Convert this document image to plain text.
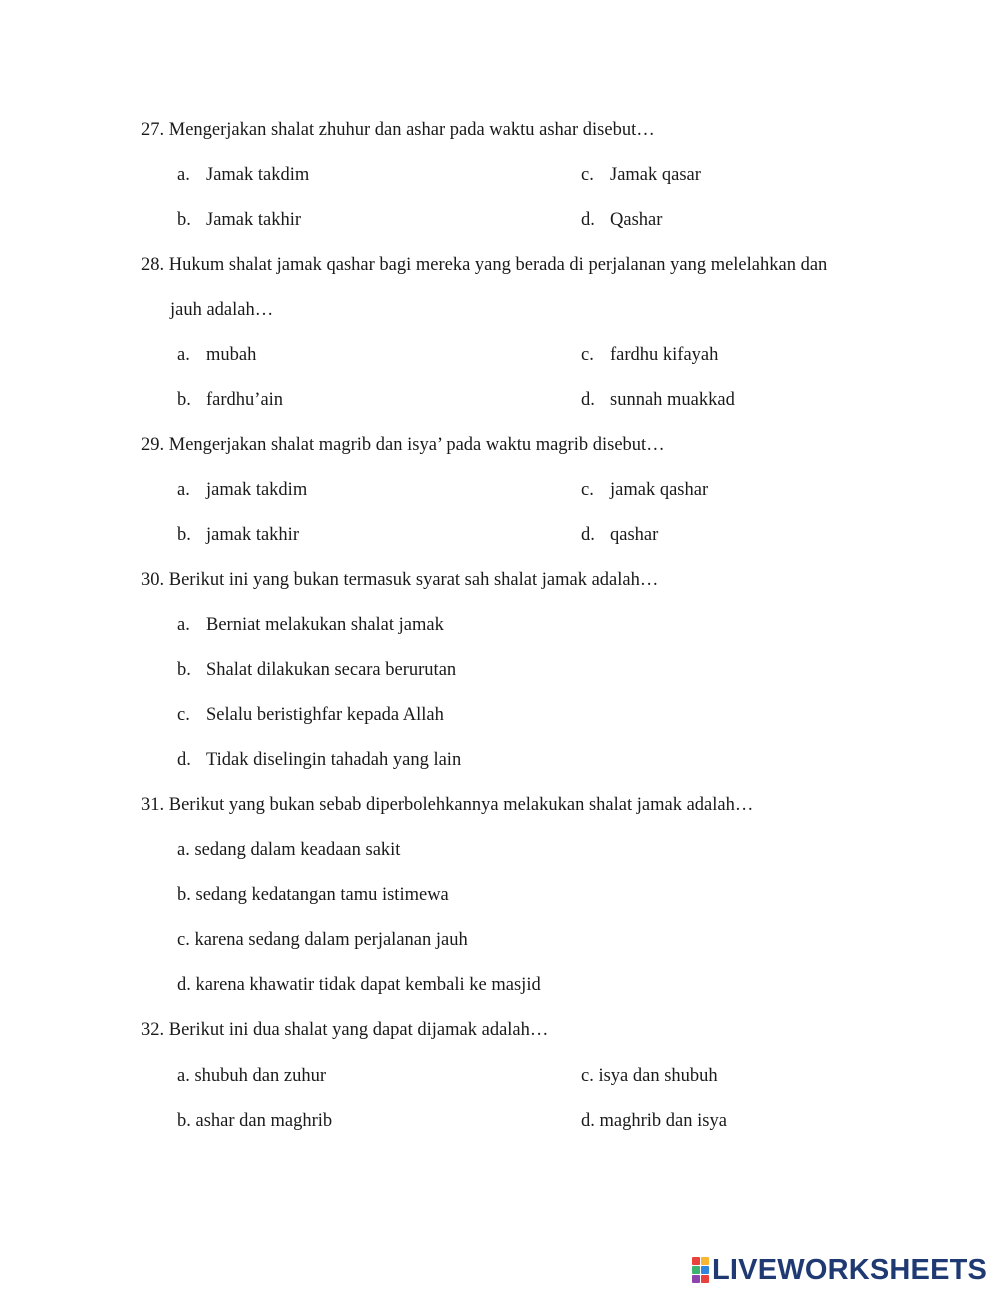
27. Mengerjakan shalat zhuhur dan ashar pada waktu ashar disebut…
a. Jamak takdim	c. Jamak qasar
b. Jamak takhir	d. Qashar
28. Hukum shalat jamak qashar bagi mereka yang berada di perjalanan yang melelahkan dan
jauh adalah…
a. mubah	c. fardhu kifayah
b. fardhu’ain	d. sunnah muakkad
29. Mengerjakan shalat magrib dan isya’ pada waktu magrib disebut…
a. jamak takdim	c. jamak qashar
b. jamak takhir	d. qashar
30. Berikut ini yang bukan termasuk syarat sah shalat jamak adalah…
a. Berniat melakukan shalat jamak
b. Shalat dilakukan secara berurutan
c. Selalu beristighfar kepada Allah
d. Tidak diselingin tahadah yang lain
31. Berikut yang bukan sebab diperbolehkannya melakukan shalat jamak adalah…
a. sedang dalam keadaan sakit
b. sedang kedatangan tamu istimewa
c. karena sedang dalam perjalanan jauh
d. karena khawatir tidak dapat kembali ke masjid
32. Berikut ini dua shalat yang dapat dijamak adalah…
a. shubuh dan zuhur	c. isya dan shubuh
b. ashar dan maghrib	d. maghrib dan isya
LIVEWORKSHEETS
